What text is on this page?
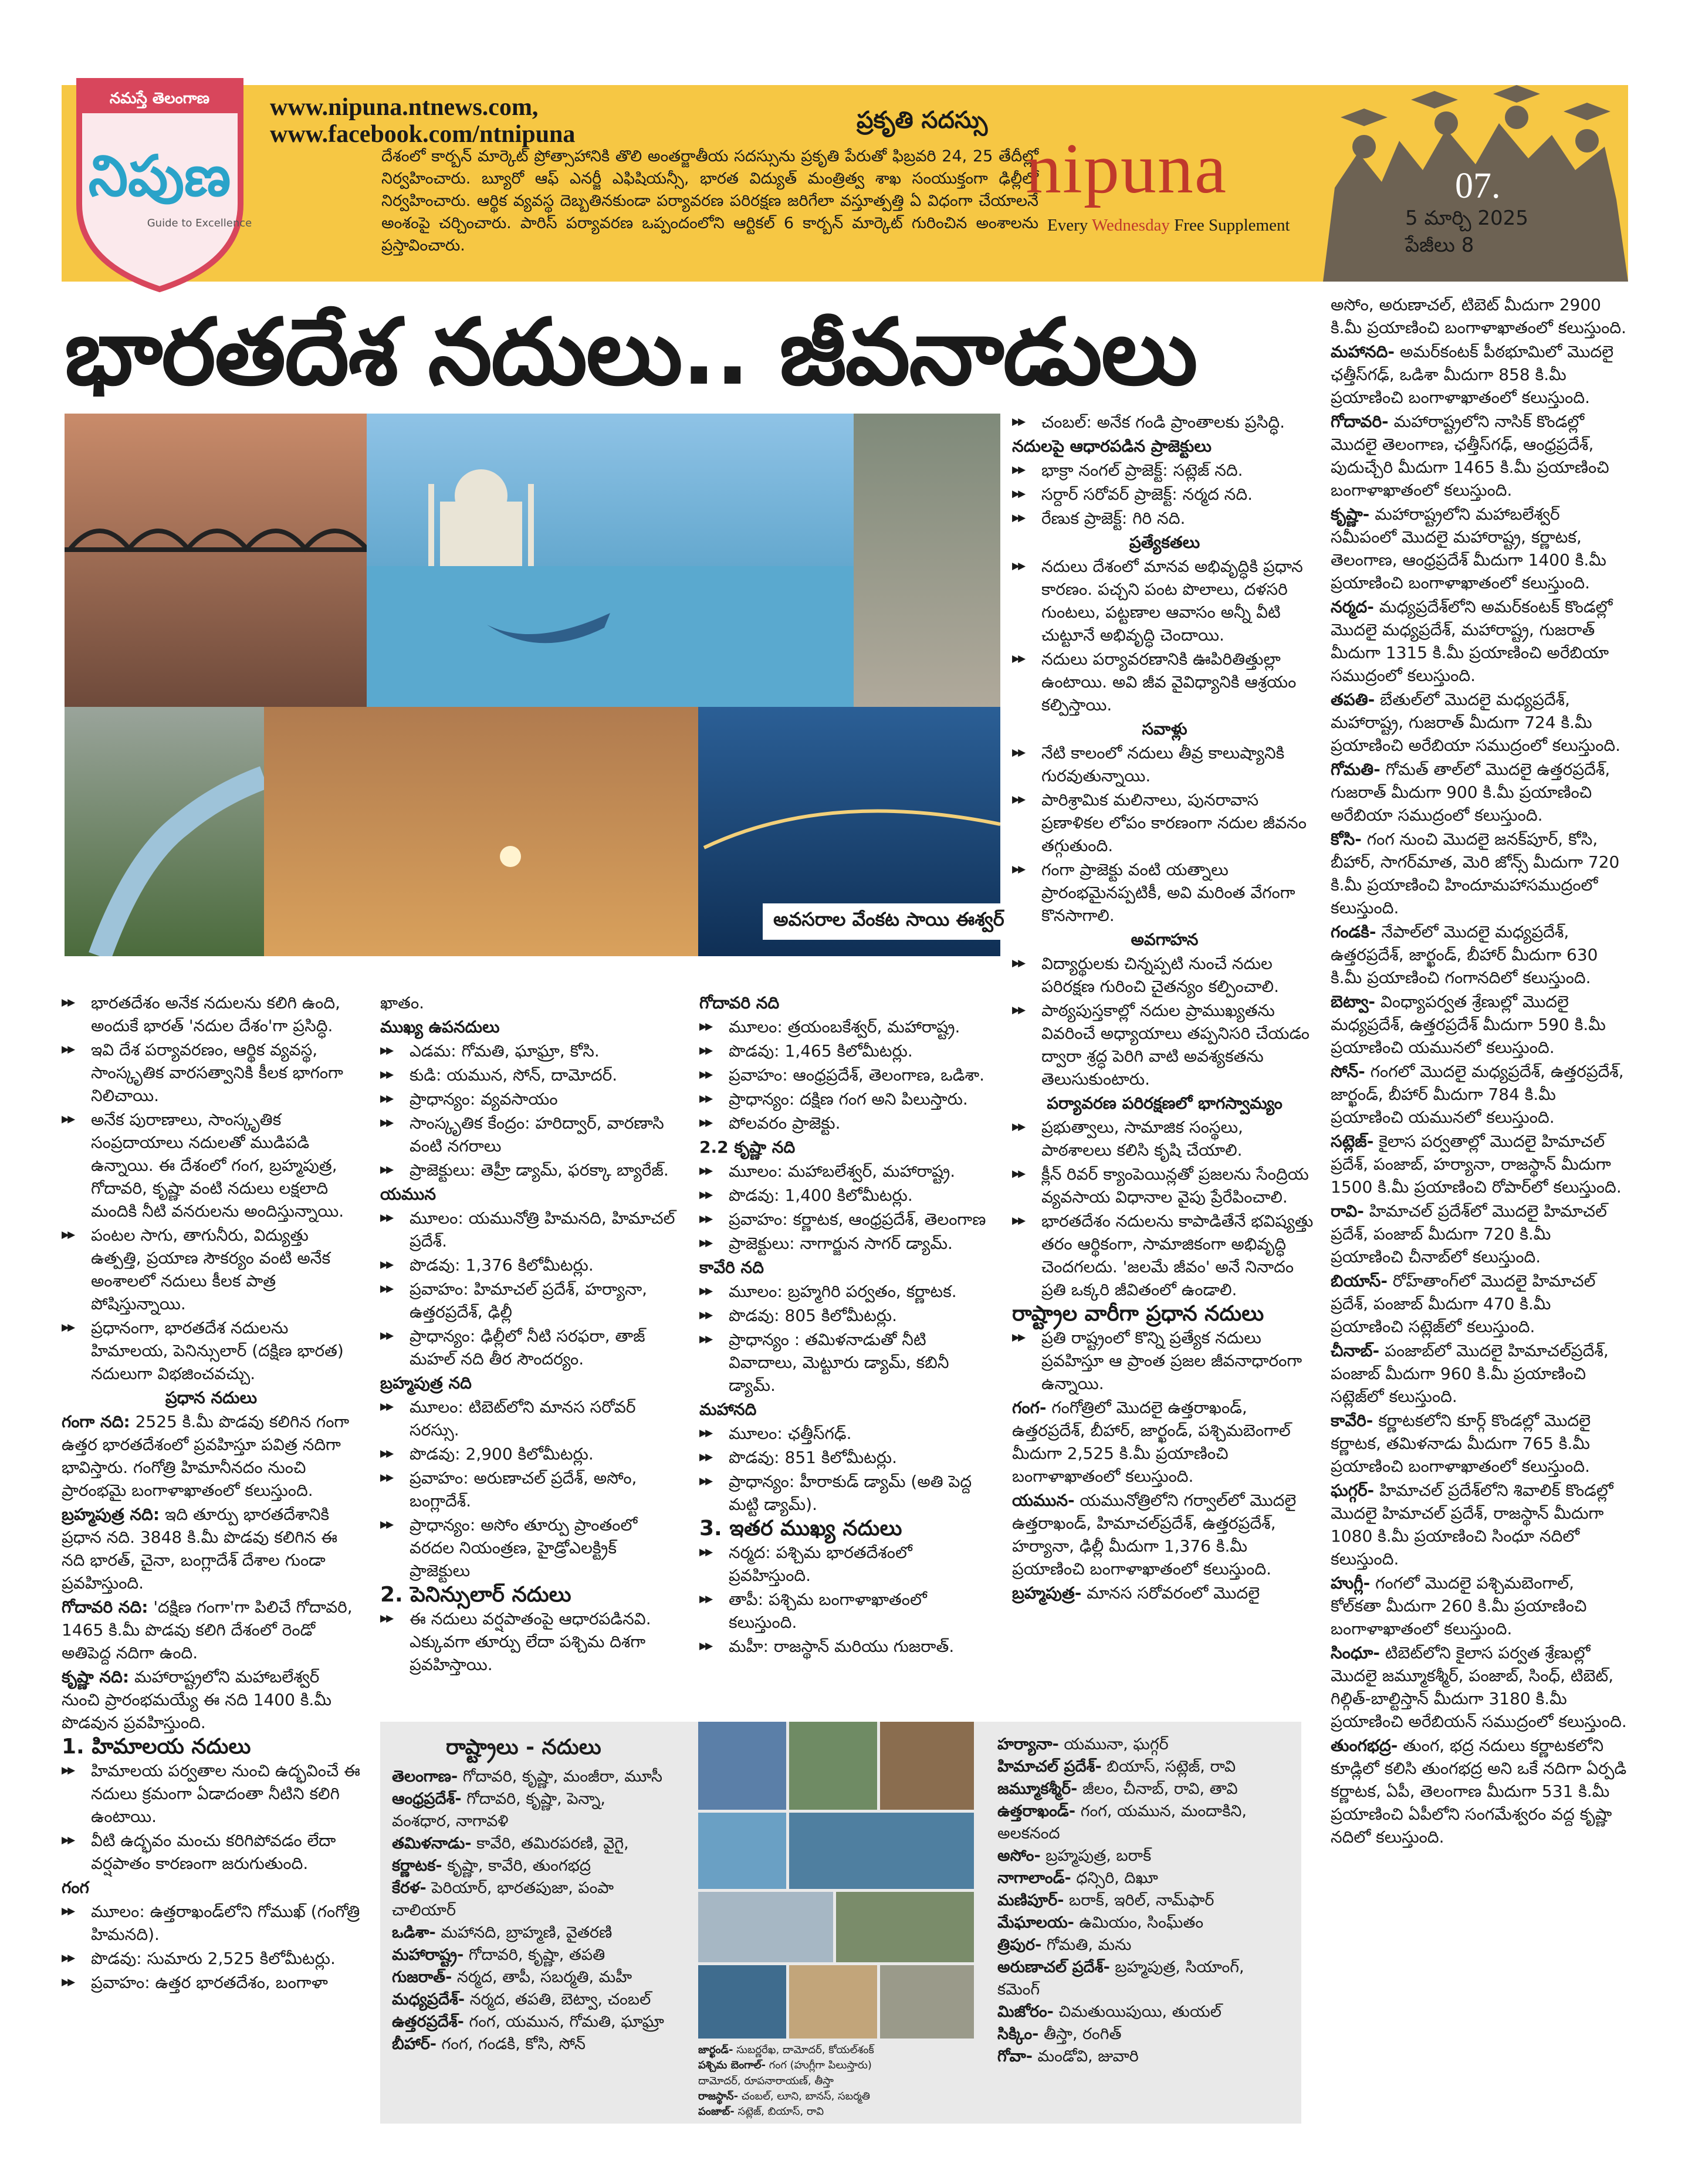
నమస్తే తెలంగాణ
నిపుణ
Guide to Excellence
www.nipuna.ntnews.com,
www.facebook.com/ntnipuna
ప్రకృతి సదస్సు
దేశంలో కార్బన్ మార్కెట్ ప్రోత్సాహానికి తొలి అంతర్జాతీయ సదస్సును ప్రకృతి పేరుతో ఫిబ్రవరి 24, 25 తేదీల్లో నిర్వహించారు. బ్యూరో ఆఫ్ ఎనర్జీ ఎఫిషియన్సీ, భారత విద్యుత్ మంత్రిత్వ శాఖ సంయుక్తంగా ఢిల్లీలో నిర్వహించారు. ఆర్థిక వ్యవస్థ దెబ్బతినకుండా పర్యావరణ పరిరక్షణ జరిగేలా వస్తూత్పత్తి ఏ విధంగా చేయాలనే అంశంపై చర్చించారు. పారిస్ పర్యావరణ ఒప్పందంలోని ఆర్టికల్ 6 కార్బన్ మార్కెట్ గురించిన అంశాలను ప్రస్తావించారు.
nipuna
Every Wednesday Free Supplement
07.
5 మార్చి 2025
పేజీలు 8
భారతదేశ నదులు.. జీవనాడులు
అవసరాల వేంకట సాయి ఈశ్వర్

▶▶ భారతదేశం అనేక నదులను కలిగి ఉంది, అందుకే భారత్ 'నదుల దేశం'గా ప్రసిద్ధి.

▶▶ ఇవి దేశ పర్యావరణం, ఆర్థిక వ్యవస్థ, సాంస్కృతిక వారసత్వానికి కీలక భాగంగా నిలిచాయి.

▶▶ అనేక పురాణాలు, సాంస్కృతిక సంప్రదాయాలు నదులతో ముడిపడి ఉన్నాయి. ఈ దేశంలో గంగ, బ్రహ్మపుత్ర, గోదావరి, కృష్ణా వంటి నదులు లక్షలాది మందికి నీటి వనరులను అందిస్తున్నాయి.

▶▶ పంటల సాగు, తాగునీరు, విద్యుత్తు ఉత్పత్తి, ప్రయాణ సౌకర్యం వంటి అనేక అంశాలలో నదులు కీలక పాత్ర పోషిస్తున్నాయి.

▶▶ ప్రధానంగా, భారతదేశ నదులను హిమాలయ, పెనిన్సులార్ (దక్షిణ భారత) నదులుగా విభజించవచ్చు.

ప్రధాన నదులు

గంగా నది: 2525 కి.మీ పొడవు కలిగిన గంగా ఉత్తర భారతదేశంలో ప్రవహిస్తూ పవిత్ర నదిగా భావిస్తారు. గంగోత్రి హిమానీనదం నుంచి ప్రారంభమై బంగాళాఖాతంలో కలుస్తుంది.

బ్రహ్మపుత్ర నది: ఇది తూర్పు భారతదేశానికి ప్రధాన నది. 3848 కి.మీ పొడవు కలిగిన ఈ నది భారత్, చైనా, బంగ్లాదేశ్ దేశాల గుండా ప్రవహిస్తుంది.

గోదావరి నది: 'దక్షిణ గంగా'గా పిలిచే గోదావరి, 1465 కి.మీ పొడవు కలిగి దేశంలో రెండో అతిపెద్ద నదిగా ఉంది.

కృష్ణా నది: మహారాష్ట్రలోని మహాబలేశ్వర్ నుంచి ప్రారంభమయ్యే ఈ నది 1400 కి.మీ పొడవున ప్రవహిస్తుంది.

1. హిమాలయ నదులు

▶▶ హిమాలయ పర్వతాల నుంచి ఉద్భవించే ఈ నదులు క్రమంగా ఏడాదంతా నీటిని కలిగి ఉంటాయి.

▶▶ వీటి ఉద్భవం మంచు కరిగిపోవడం లేదా వర్షపాతం కారణంగా జరుగుతుంది.

గంగ

▶▶ మూలం: ఉత్తరాఖండ్‌లోని గోముఖ్ (గంగోత్రి హిమనది).

▶▶ పొడవు: సుమారు 2,525 కిలోమీటర్లు.

▶▶ ప్రవాహం: ఉత్తర భారతదేశం, బంగాళా

ఖాతం.

ముఖ్య ఉపనదులు

▶▶ ఎడమ: గోమతి, ఘాఘ్రా, కోసి.

▶▶ కుడి: యమున, సోన్, దామోదర్.

▶▶ ప్రాధాన్యం: వ్యవసాయం

▶▶ సాంస్కృతిక కేంద్రం: హరిద్వార్, వారణాసి వంటి నగరాలు

▶▶ ప్రాజెక్టులు: తెహ్రీ డ్యామ్, ఫరక్కా బ్యారేజ్.

యమున

▶▶ మూలం: యమునోత్రి హిమనది, హిమాచల్ ప్రదేశ్.

▶▶ పొడవు: 1,376 కిలోమీటర్లు.

▶▶ ప్రవాహం: హిమాచల్ ప్రదేశ్, హర్యానా, ఉత్తరప్రదేశ్, ఢిల్లీ

▶▶ ప్రాధాన్యం: ఢిల్లీలో నీటి సరఫరా, తాజ్ మహల్ నది తీర సౌందర్యం.

బ్రహ్మపుత్ర నది

▶▶ మూలం: టిబెట్‌లోని మానస సరోవర్ సరస్సు.

▶▶ పొడవు: 2,900 కిలోమీటర్లు.

▶▶ ప్రవాహం: అరుణాచల్ ప్రదేశ్, అసోం, బంగ్లాదేశ్.

▶▶ ప్రాధాన్యం: అసోం తూర్పు ప్రాంతంలో వరదల నియంత్రణ, హైడ్రోఎలక్ట్రిక్ ప్రాజెక్టులు

2. పెనిన్సులార్ నదులు

▶▶ ఈ నదులు వర్షపాతంపై ఆధారపడినవి. ఎక్కువగా తూర్పు లేదా పశ్చిమ దిశగా ప్రవహిస్తాయి.

గోదావరి నది

▶▶ మూలం: త్రయంబకేశ్వర్, మహారాష్ట్ర.

▶▶ పొడవు: 1,465 కిలోమీటర్లు.

▶▶ ప్రవాహం: ఆంధ్రప్రదేశ్, తెలంగాణ, ఒడిశా.

▶▶ ప్రాధాన్యం: దక్షిణ గంగ అని పిలుస్తారు.

▶▶ పోలవరం ప్రాజెక్టు.

2.2 కృష్ణా నది

▶▶ మూలం: మహాబలేశ్వర్, మహారాష్ట్ర.

▶▶ పొడవు: 1,400 కిలోమీటర్లు.

▶▶ ప్రవాహం: కర్ణాటక, ఆంధ్రప్రదేశ్, తెలంగాణ

▶▶ ప్రాజెక్టులు: నాగార్జున సాగర్ డ్యామ్.

కావేరి నది

▶▶ మూలం: బ్రహ్మగిరి పర్వతం, కర్ణాటక.

▶▶ పొడవు: 805 కిలోమీటర్లు.

▶▶ ప్రాధాన్యం : తమిళనాడుతో నీటి వివాదాలు, మెట్టూరు డ్యామ్, కబినీ డ్యామ్.

మహానది

▶▶ మూలం: ఛత్తీస్‌గఢ్.

▶▶ పొడవు: 851 కిలోమీటర్లు.

▶▶ ప్రాధాన్యం: హీరాకుడ్ డ్యామ్ (అతి పెద్ద మట్టి డ్యామ్).

3. ఇతర ముఖ్య నదులు

▶▶ నర్మద: పశ్చిమ భారతదేశంలో ప్రవహిస్తుంది.

▶▶ తాపీ: పశ్చిమ బంగాళాఖాతంలో కలుస్తుంది.

▶▶ మహీ: రాజస్థాన్ మరియు గుజరాత్.

▶▶ చంబల్: అనేక గండి ప్రాంతాలకు ప్రసిద్ధి.

నదులపై ఆధారపడిన ప్రాజెక్టులు

▶▶ భాక్రా నంగల్ ప్రాజెక్ట్: సట్లెజ్ నది.

▶▶ సర్దార్ సరోవర్ ప్రాజెక్ట్: నర్మద నది.

▶▶ రేణుక ప్రాజెక్ట్: గిరి నది.

ప్రత్యేకతలు

▶▶ నదులు దేశంలో మానవ అభివృద్ధికి ప్రధాన కారణం. పచ్చని పంట పొలాలు, దళసరి గుంటలు, పట్టణాల ఆవాసం అన్నీ వీటి చుట్టూనే అభివృద్ధి చెందాయి.

▶▶ నదులు పర్యావరణానికి ఊపిరితిత్తుల్లా ఉంటాయి. అవి జీవ వైవిధ్యానికి ఆశ్రయం కల్పిస్తాయి.

సవాళ్లు

▶▶ నేటి కాలంలో నదులు తీవ్ర కాలుష్యానికి గురవుతున్నాయి.

▶▶ పారిశ్రామిక మలినాలు, పునరావాస ప్రణాళికల లోపం కారణంగా నదుల జీవనం తగ్గుతుంది.

▶▶ గంగా ప్రాజెక్టు వంటి యత్నాలు ప్రారంభమైనప్పటికీ, అవి మరింత వేగంగా కొనసాగాలి.

అవగాహన

▶▶ విద్యార్థులకు చిన్నప్పటి నుంచే నదుల పరిరక్షణ గురించి చైతన్యం కల్పించాలి.

▶▶ పాఠ్యపుస్తకాల్లో నదుల ప్రాముఖ్యతను వివరించే అధ్యాయాలు తప్పనిసరి చేయడం ద్వారా శ్రద్ధ పెరిగి వాటి అవశ్యకతను తెలుసుకుంటారు.

పర్యావరణ పరిరక్షణలో భాగస్వామ్యం

▶▶ ప్రభుత్వాలు, సామాజిక సంస్థలు, పాఠశాలలు కలిసి కృషి చేయాలి.

▶▶ క్లీన్ రివర్ క్యాంపెయిన్లతో ప్రజలను సేంద్రియ వ్యవసాయ విధానాల వైపు ప్రేరేపించాలి.

▶▶ భారతదేశం నదులను కాపాడితేనే భవిష్యత్తు తరం ఆర్థికంగా, సామాజికంగా అభివృద్ధి చెందగలదు. 'జలమే జీవం' అనే నినాదం ప్రతి ఒక్కరి జీవితంలో ఉండాలి.

రాష్ట్రాల వారీగా ప్రధాన నదులు

▶▶ ప్రతి రాష్ట్రంలో కొన్ని ప్రత్యేక నదులు ప్రవహిస్తూ ఆ ప్రాంత ప్రజల జీవనాధారంగా ఉన్నాయి.

గంగ- గంగోత్రిలో మొదలై ఉత్తరాఖండ్, ఉత్తరప్రదేశ్, బీహార్, జార్ఖండ్, పశ్చిమబెంగాల్ మీదుగా 2,525 కి.మీ ప్రయాణించి బంగాళాఖాతంలో కలుస్తుంది.

యమున- యమునోత్రిలోని గర్వాల్‌లో మొదలై ఉత్తరాఖండ్, హిమాచల్‌ప్రదేశ్, ఉత్తరప్రదేశ్, హర్యానా, ఢిల్లీ మీదుగా 1,376 కి.మీ ప్రయాణించి బంగాళాఖాతంలో కలుస్తుంది.

బ్రహ్మపుత్ర- మానస సరోవరంలో మొదలై

అసోం, అరుణాచల్, టిబెట్ మీదుగా 2900 కి.మీ ప్రయాణించి బంగాళాఖాతంలో కలుస్తుంది.

మహానది- అమర్‌కంటక్ పీఠభూమిలో మొదలై ఛత్తీస్‌గఢ్, ఒడిశా మీదుగా 858 కి.మీ ప్రయాణించి బంగాళాఖాతంలో కలుస్తుంది.

గోదావరి- మహారాష్ట్రలోని నాసిక్ కొండల్లో మొదలై తెలంగాణ, ఛత్తీస్‌గఢ్, ఆంధ్రప్రదేశ్, పుదుచ్చేరి మీదుగా 1465 కి.మీ ప్రయాణించి బంగాళాఖాతంలో కలుస్తుంది.

కృష్ణా- మహారాష్ట్రలోని మహాబలేశ్వర్ సమీపంలో మొదలై మహారాష్ట్ర, కర్ణాటక, తెలంగాణ, ఆంధ్రప్రదేశ్ మీదుగా 1400 కి.మీ ప్రయాణించి బంగాళాఖాతంలో కలుస్తుంది.

నర్మద- మధ్యప్రదేశ్‌లోని అమర్‌కంటక్ కొండల్లో మొదలై మధ్యప్రదేశ్, మహారాష్ట్ర, గుజరాత్ మీదుగా 1315 కి.మీ ప్రయాణించి అరేబియా సముద్రంలో కలుస్తుంది.

తపతి- బేతుల్‌లో మొదలై మధ్యప్రదేశ్, మహారాష్ట్ర, గుజరాత్ మీదుగా 724 కి.మీ ప్రయాణించి అరేబియా సముద్రంలో కలుస్తుంది.

గోమతి- గోమత్ తాల్‌లో మొదలై ఉత్తరప్రదేశ్, గుజరాత్ మీదుగా 900 కి.మీ ప్రయాణించి అరేబియా సముద్రంలో కలుస్తుంది.

కోసి- గంగ నుంచి మొదలై జనక్‌పూర్, కోసి, బీహార్, సాగర్‌మాత, మెరి జోన్స్ మీదుగా 720 కి.మీ ప్రయాణించి హిందూమహాసముద్రంలో కలుస్తుంది.

గండకి- నేపాల్‌లో మొదలై మధ్యప్రదేశ్, ఉత్తరప్రదేశ్, జార్ఖండ్, బీహార్ మీదుగా 630 కి.మీ ప్రయాణించి గంగానదిలో కలుస్తుంది.

బెట్వా- వింధ్యాపర్వత శ్రేణుల్లో మొదలై మధ్యప్రదేశ్, ఉత్తరప్రదేశ్ మీదుగా 590 కి.మీ ప్రయాణించి యమునలో కలుస్తుంది.

సోన్- గంగలో మొదలై మధ్యప్రదేశ్, ఉత్తరప్రదేశ్, జార్ఖండ్, బీహార్ మీదుగా 784 కి.మీ ప్రయాణించి యమునలో కలుస్తుంది.

సట్లెజ్- కైలాస పర్వతాల్లో మొదలై హిమాచల్ ప్రదేశ్, పంజాబ్, హర్యానా, రాజస్థాన్ మీదుగా 1500 కి.మీ ప్రయాణించి రోపార్‌లో కలుస్తుంది.

రావి- హిమాచల్ ప్రదేశ్‌లో మొదలై హిమాచల్ ప్రదేశ్, పంజాబ్ మీదుగా 720 కి.మీ ప్రయాణించి చీనాబ్‌లో కలుస్తుంది.

బియాస్- రోహ్‌తాంగ్‌లో మొదలై హిమాచల్ ప్రదేశ్, పంజాబ్ మీదుగా 470 కి.మీ ప్రయాణించి సట్లెజ్‌లో కలుస్తుంది.

చీనాబ్- పంజాబ్‌లో మొదలై హిమాచల్‌ప్రదేశ్, పంజాబ్ మీదుగా 960 కి.మీ ప్రయాణించి సట్లెజ్‌లో కలుస్తుంది.

కావేరి- కర్ణాటకలోని కూర్గ్ కొండల్లో మొదలై కర్ణాటక, తమిళనాడు మీదుగా 765 కి.మీ ప్రయాణించి బంగాళాఖాతంలో కలుస్తుంది.

ఘగ్గర్- హిమాచల్ ప్రదేశ్‌లోని శివాలిక్ కొండల్లో మొదలై హిమాచల్ ప్రదేశ్, రాజస్థాన్ మీదుగా 1080 కి.మీ ప్రయాణించి సింధూ నదిలో కలుస్తుంది.

హుగ్లీ- గంగలో మొదలై పశ్చిమబెంగాల్, కోల్‌కతా మీదుగా 260 కి.మీ ప్రయాణించి బంగాళాఖాతంలో కలుస్తుంది.

సింధూ- టిబెట్‌లోని కైలాస పర్వత శ్రేణుల్లో మొదలై జమ్మూకశ్మీర్, పంజాబ్, సింధ్, టిబెట్, గిల్గిత్-బాల్టిస్తాన్ మీదుగా 3180 కి.మీ ప్రయాణించి అరేబియన్ సముద్రంలో కలుస్తుంది.

తుంగభద్ర- తుంగ, భద్ర నదులు కర్ణాటకలోని కూడ్లిలో కలిసి తుంగభద్ర అని ఒకే నదిగా ఏర్పడి కర్ణాటక, ఏపీ, తెలంగాణ మీదుగా 531 కి.మీ ప్రయాణించి ఏపీలోని సంగమేశ్వరం వద్ద కృష్ణా నదిలో కలుస్తుంది.

రాష్ట్రాలు - నదులు
తెలంగాణ- గోదావరి, కృష్ణా, మంజీరా, మూసీ
ఆంధ్రప్రదేశ్- గోదావరి, కృష్ణా, పెన్నా,
వంశధార, నాగావళి
తమిళనాడు- కావేరి, తమిరపరణి, వైగై,
కర్ణాటక- కృష్ణా, కావేరి, తుంగభద్ర
కేరళ- పెరియార్, భారతపుజా, పంపా
చాలియార్
ఒడిశా- మహానది, బ్రాహ్మణి, వైతరణి
మహారాష్ట్ర- గోదావరి, కృష్ణా, తపతి
గుజరాత్- నర్మద, తాపీ, సబర్మతి, మహీ
మధ్యప్రదేశ్- నర్మద, తపతి, బెట్వా, చంబల్
ఉత్తరప్రదేశ్- గంగ, యమున, గోమతి, ఘాఘ్రా
బీహార్- గంగ, గండకి, కోసి, సోన్	జార్ఖండ్- సుబర్ణరేఖ, దామోదర్, కోయల్‌శంక్
పశ్చిమ బెంగాల్- గంగ (హుగ్లీగా పిలుస్తారు)
దామోదర్, రూపనారాయణ్, తీస్తా
రాజస్థాన్- చంబల్, లూని, బానస్, సబర్మతి
పంజాబ్- సట్లెజ్, బియాస్, రావి
హర్యానా- యమునా, ఘగ్గర్
హిమాచల్ ప్రదేశ్- బియాస్, సట్లెజ్, రావి
జమ్మూకశ్మీర్- జీలం, చీనాబ్, రావి, తావి
ఉత్తరాఖండ్- గంగ, యమున, మందాకిని,
అలకనంద
అసోం- బ్రహ్మపుత్ర, బరాక్
నాగాలాండ్- ధన్సిరి, దిఖూ
మణిపూర్- బరాక్, ఇరిల్, నామ్‌ఫార్
మేఘాలయ- ఉమియం, సింఘ్‌తం
త్రిపుర- గోమతి, మను
అరుణాచల్ ప్రదేశ్- బ్రహ్మపుత్ర, సియాంగ్,
కమెంగ్
మిజోరం- చిమతుయిపుయి, తుయల్
సిక్కిం- తీస్తా, రంగిత్
గోవా- మండోవి, జువారి
